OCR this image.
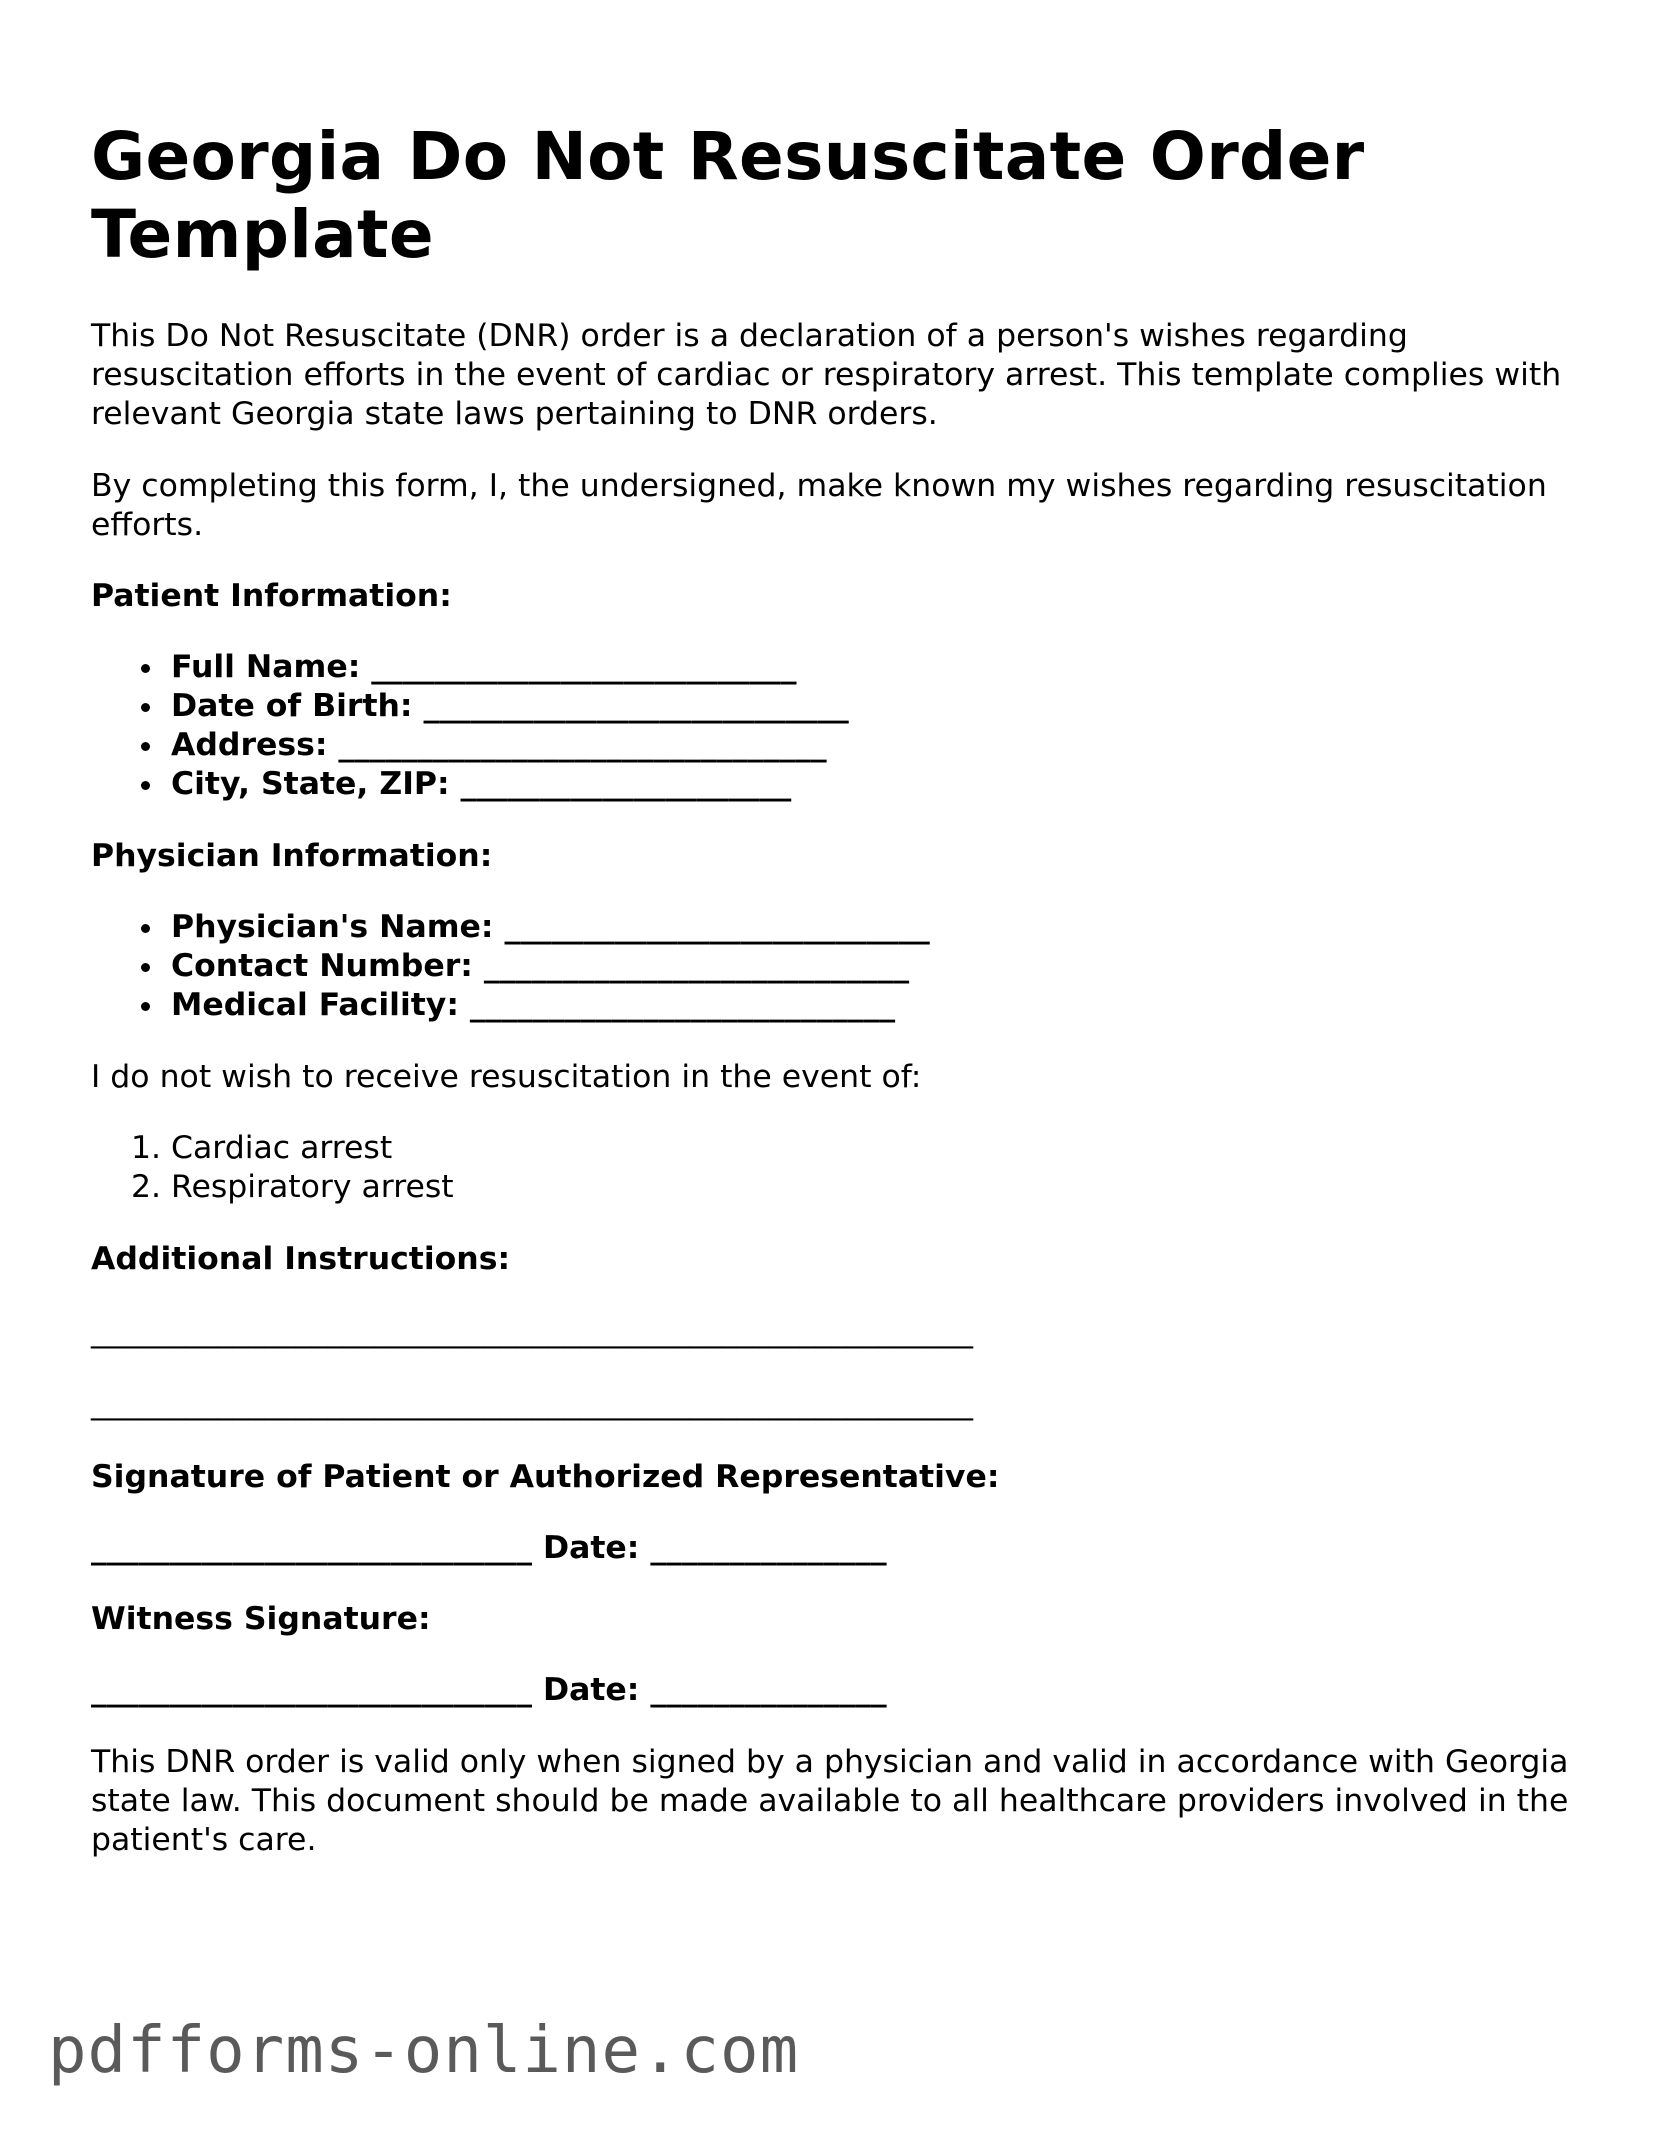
Georgia Do Not Resuscitate Order Template

This Do Not Resuscitate (DNR) order is a declaration of a person's wishes regarding resuscitation efforts in the event of cardiac or respiratory arrest. This template complies with relevant Georgia state laws pertaining to DNR orders.

By completing this form, I, the undersigned, make known my wishes regarding resuscitation efforts.

Patient Information:
Full Name: ___________________________
Date of Birth: ___________________________
Address: _______________________________
City, State, ZIP: _____________________
Physician Information:
Physician's Name: ___________________________
Contact Number: ___________________________
Medical Facility: ___________________________

I do not wish to receive resuscitation in the event of:

1. Cardiac arrest
2. Respiratory arrest
Additional Instructions:
________________________________________________________
________________________________________________________
Signature of Patient or Authorized Representative:
____________________________ Date: _______________
Witness Signature:
____________________________ Date: _______________

This DNR order is valid only when signed by a physician and valid in accordance with Georgia state law. This document should be made available to all healthcare providers involved in the patient's care.

pdfforms-online.com
